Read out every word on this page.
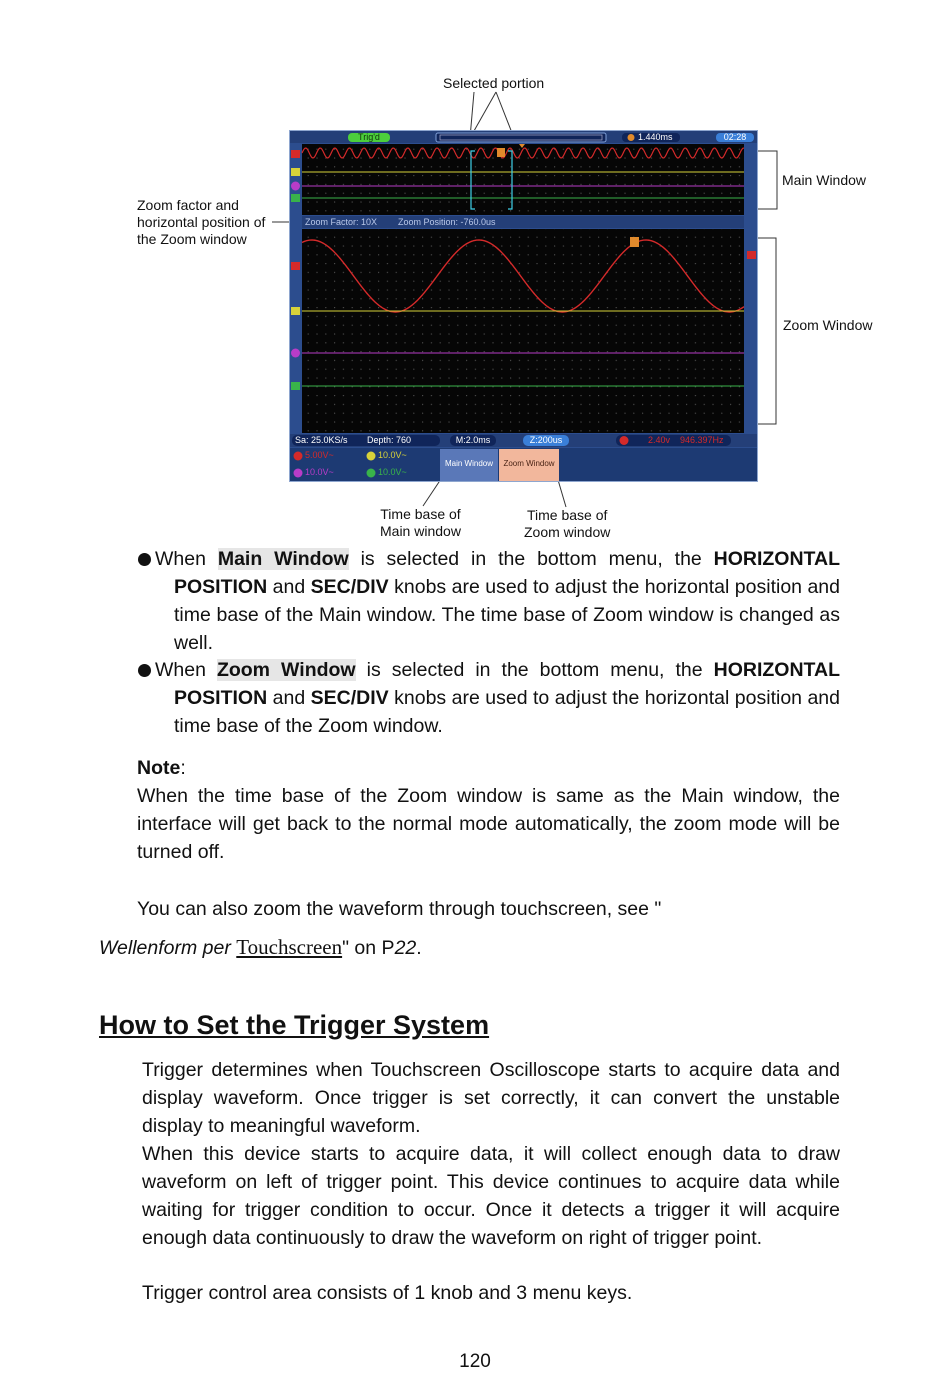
Selected portion
Main Window
Zoom Window
Zoom factor and
horizontal position of
the Zoom window
Time base of
Main window
Time base of
Zoom window
Trig'd	1.440ms	02:28
Zoom Factor: 10X Zoom Position: -760.0us
Sa: 25.0KS/s Depth: 760	M:2.0ms	Z:200us	2.40v 946.397Hz
5.00V~	10.0V~
10.0V~	10.0V~
Main Window	Zoom Window
When Main Window is selected in the bottom menu, the HORIZONTAL
POSITION and SEC/DIV knobs are used to adjust the horizontal position and time base of the Main window. The time base of Zoom window is changed as well.
When Zoom Window is selected in the bottom menu, the HORIZONTAL
POSITION and SEC/DIV knobs are used to adjust the horizontal position and time base of the Zoom window.
Note:
When the time base of the Zoom window is same as the Main window, the interface will get back to the normal mode automatically, the zoom mode will be turned off.
You can also zoom the waveform through touchscreen, see "
Wellenform per Touchscreen" on P22.
How to Set the Trigger System
Trigger determines when Touchscreen Oscilloscope starts to acquire data and display waveform. Once trigger is set correctly, it can convert the unstable display to meaningful waveform.
When this device starts to acquire data, it will collect enough data to draw waveform on left of trigger point. This device continues to acquire data while waiting for trigger condition to occur. Once it detects a trigger it will acquire enough data continuously to draw the waveform on right of trigger point.
Trigger control area consists of 1 knob and 3 menu keys.
120
